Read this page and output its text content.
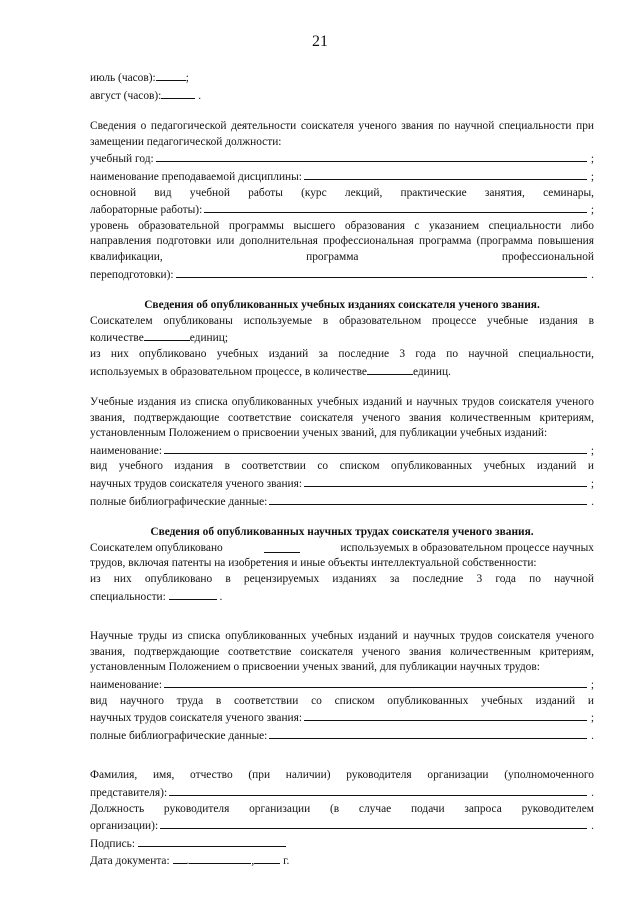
21

июль (часов):	;

август (часов):	.

Сведения о педагогической деятельности соискателя ученого звания по научной специальности при замещении педагогической должности:

учебный год:	;
наименование преподаваемой дисциплины:	;

основной вид учебной работы (курс лекций, практические занятия, семинары,

лабораторные работы):	;

уровень образовательной программы высшего образования с указанием специальности либо направления подготовки или дополнительная профессиональная программа (программа повышения квалификации, программа профессиональной

переподготовки):	.

Сведения об опубликованных учебных изданиях соискателя ученого звания.

Соискателем опубликованы используемые в образовательном процессе учебные издания в

количестве	единиц;

из них опубликовано учебных изданий за последние 3 года по научной специальности,

используемых в образовательном процессе, в количестве	единиц.

Учебные издания из списка опубликованных учебных изданий и научных трудов соискателя ученого звания, подтверждающие соответствие соискателя ученого звания количественным критериям, установленным Положением о присвоении ученых званий, для публикации учебных изданий:

наименование:	;

вид учебного издания в соответствии со списком опубликованных учебных изданий и

научных трудов соискателя ученого звания:	;
полные библиографические данные:	.

Сведения об опубликованных научных трудах соискателя ученого звания.

Соискателем опубликовано	используемых в образовательном процессе научных

трудов, включая патенты на изобретения и иные объекты интеллектуальной собственности:

из них опубликовано в рецензируемых изданиях за последние 3 года по научной

специальности:	.

Научные труды из списка опубликованных учебных изданий и научных трудов соискателя ученого звания, подтверждающие соответствие соискателя ученого звания количественным критериям, установленным Положением о присвоении ученых званий, для публикации научных трудов:

наименование:	;

вид научного труда в соответствии со списком опубликованных учебных изданий и

научных трудов соискателя ученого звания:	;
полные библиографические данные:	.

Фамилия, имя, отчество (при наличии) руководителя организации (уполномоченного

представителя):	.

Должность руководителя организации (в случае подачи запроса руководителем

организации):	.

Подпись:

Дата документа: .	,	г.
